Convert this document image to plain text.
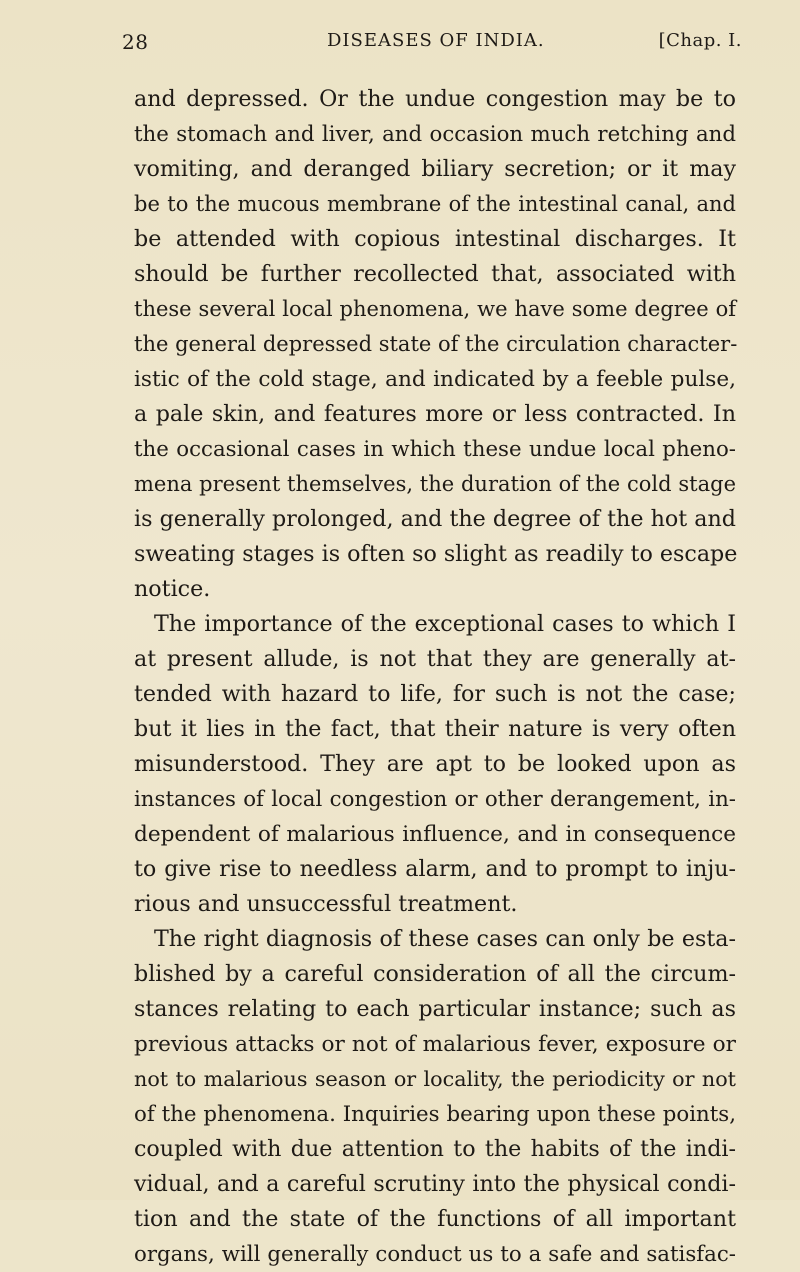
28	DISEASES OF INDIA.	[Chap. I.
and depressed. Or the undue congestion may be to
the stomach and liver, and occasion much retching and
vomiting, and deranged biliary secretion; or it may
be to the mucous membrane of the intestinal canal, and
be attended with copious intestinal discharges. It
should be further recollected that, associated with
these several local phenomena, we have some degree of
the general depressed state of the circulation character-
istic of the cold stage, and indicated by a feeble pulse,
a pale skin, and features more or less contracted. In
the occasional cases in which these undue local pheno-
mena present themselves, the duration of the cold stage
is generally prolonged, and the degree of the hot and
sweating stages is often so slight as readily to escape
notice.
The importance of the exceptional cases to which I
at present allude, is not that they are generally at-
tended with hazard to life, for such is not the case;
but it lies in the fact, that their nature is very often
misunderstood. They are apt to be looked upon as
instances of local congestion or other derangement, in-
dependent of malarious influence, and in consequence
to give rise to needless alarm, and to prompt to inju-
rious and unsuccessful treatment.
The right diagnosis of these cases can only be esta-
blished by a careful consideration of all the circum-
stances relating to each particular instance; such as
previous attacks or not of malarious fever, exposure or
not to malarious season or locality, the periodicity or not
of the phenomena. Inquiries bearing upon these points,
coupled with due attention to the habits of the indi-
vidual, and a careful scrutiny into the physical condi-
tion and the state of the functions of all important
organs, will generally conduct us to a safe and satisfac-
